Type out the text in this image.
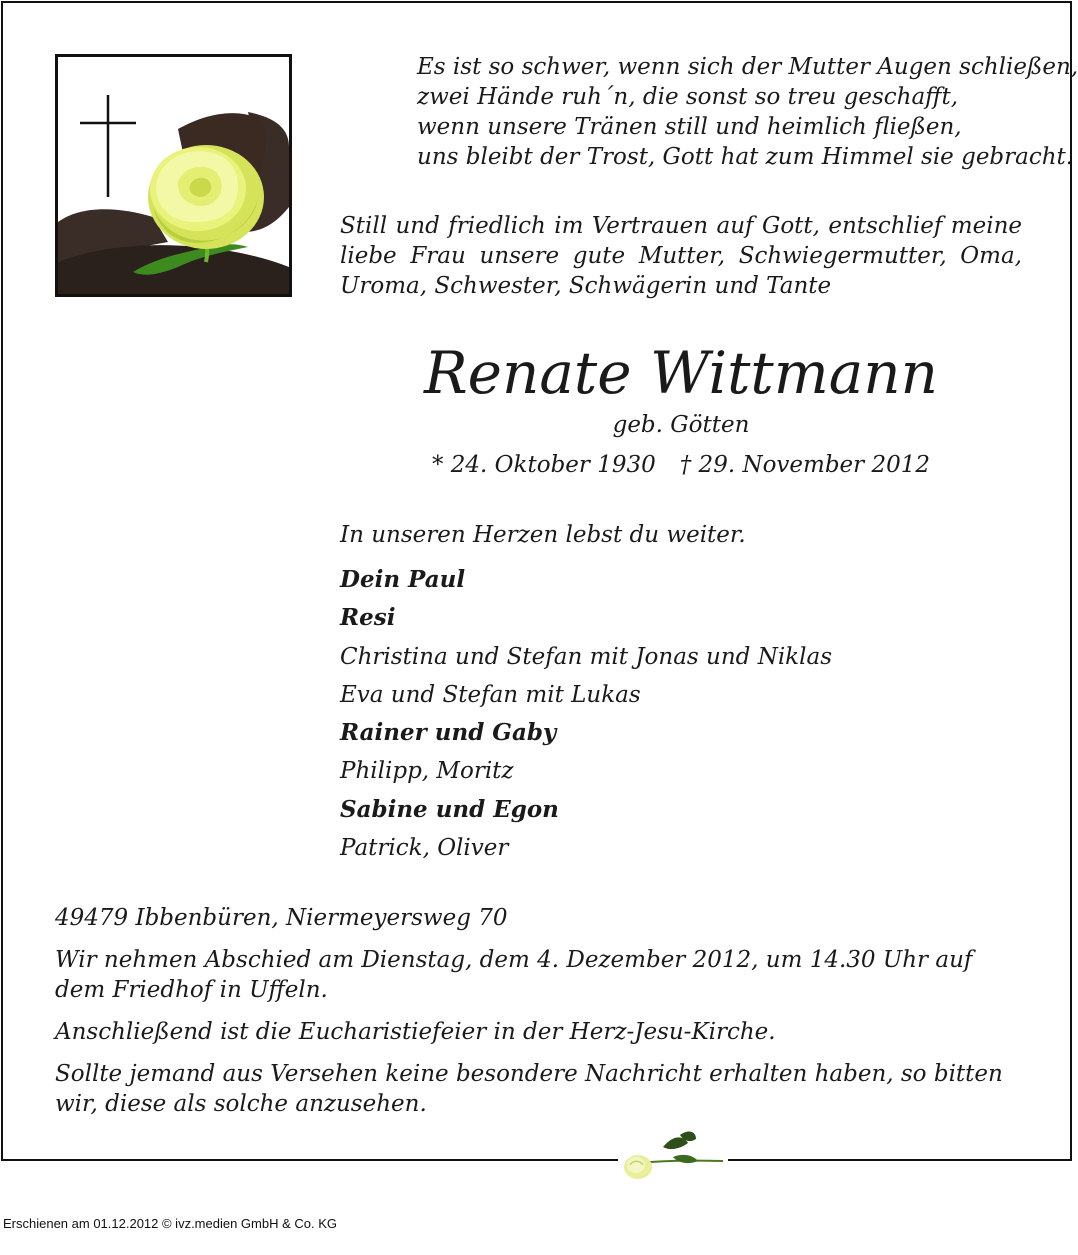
Es ist so schwer, wenn sich der Mutter Augen schließen,
zwei Hände ruh´n, die sonst so treu geschafft,
wenn unsere Tränen still und heimlich fließen,
uns bleibt der Trost, Gott hat zum Himmel sie gebracht.
Still und friedlich im Vertrauen auf Gott, entschlief meine liebe Frau unsere gute Mutter, Schwiegermutter, Oma, Uroma, Schwester, Schwägerin und Tante
Renate Wittmann
geb. Götten
* 24. Oktober 1930 † 29. November 2012
In unseren Herzen lebst du weiter.
Dein Paul
Resi
Christina und Stefan mit Jonas und Niklas
Eva und Stefan mit Lukas
Rainer und Gaby
Philipp, Moritz
Sabine und Egon
Patrick, Oliver

49479 Ibbenbüren, Niermeyersweg 70

Wir nehmen Abschied am Dienstag, dem 4. Dezember 2012, um 14.30 Uhr auf dem Friedhof in Uffeln.

Anschließend ist die Eucharistiefeier in der Herz-Jesu-Kirche.

Sollte jemand aus Versehen keine besondere Nachricht erhalten haben, so bitten wir, diese als solche anzusehen.

Erschienen am 01.12.2012 © ivz.medien GmbH & Co. KG
